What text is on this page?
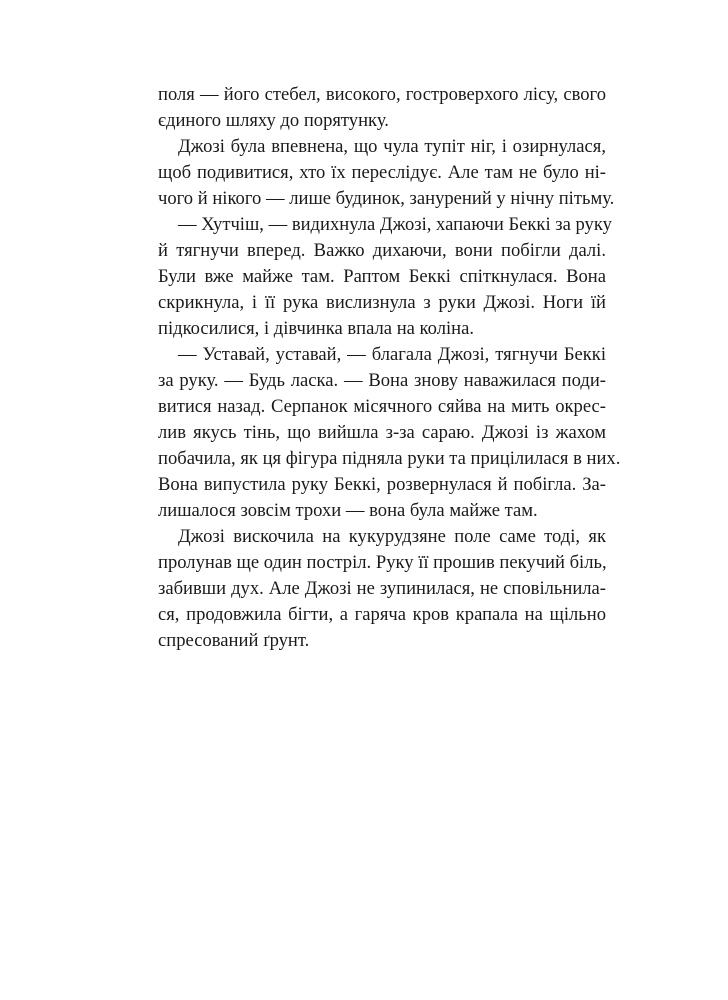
поля — його стебел, високого, гостроверхого лісу, свого
єдиного шляху до порятунку.
Джозі була впевнена, що чула тупіт ніг, і озирнулася,
щоб подивитися, хто їх переслідує. Але там не було ні-
чого й нікого — лише будинок, занурений у нічну пітьму.
— Хутчіш, — видихнула Джозі, хапаючи Беккі за руку
й тягнучи вперед. Важко дихаючи, вони побігли далі.
Були вже майже там. Раптом Беккі спіткнулася. Вона
скрикнула, і її рука вислизнула з руки Джозі. Ноги їй
підкосилися, і дівчинка впала на коліна.
— Уставай, уставай, — благала Джозі, тягнучи Беккі
за руку. — Будь ласка. — Вона знову наважилася поди-
витися назад. Серпанок місячного сяйва на мить окрес-
лив якусь тінь, що вийшла з-за сараю. Джозі із жахом
побачила, як ця фігура підняла руки та прицілилася в них.
Вона випустила руку Беккі, розвернулася й побігла. За-
лишалося зовсім трохи — вона була майже там.
Джозі вискочила на кукурудзяне поле саме тоді, як
пролунав ще один постріл. Руку її прошив пекучий біль,
забивши дух. Але Джозі не зупинилася, не сповільнила-
ся, продовжила бігти, а гаряча кров крапала на щільно
спресований ґрунт.
